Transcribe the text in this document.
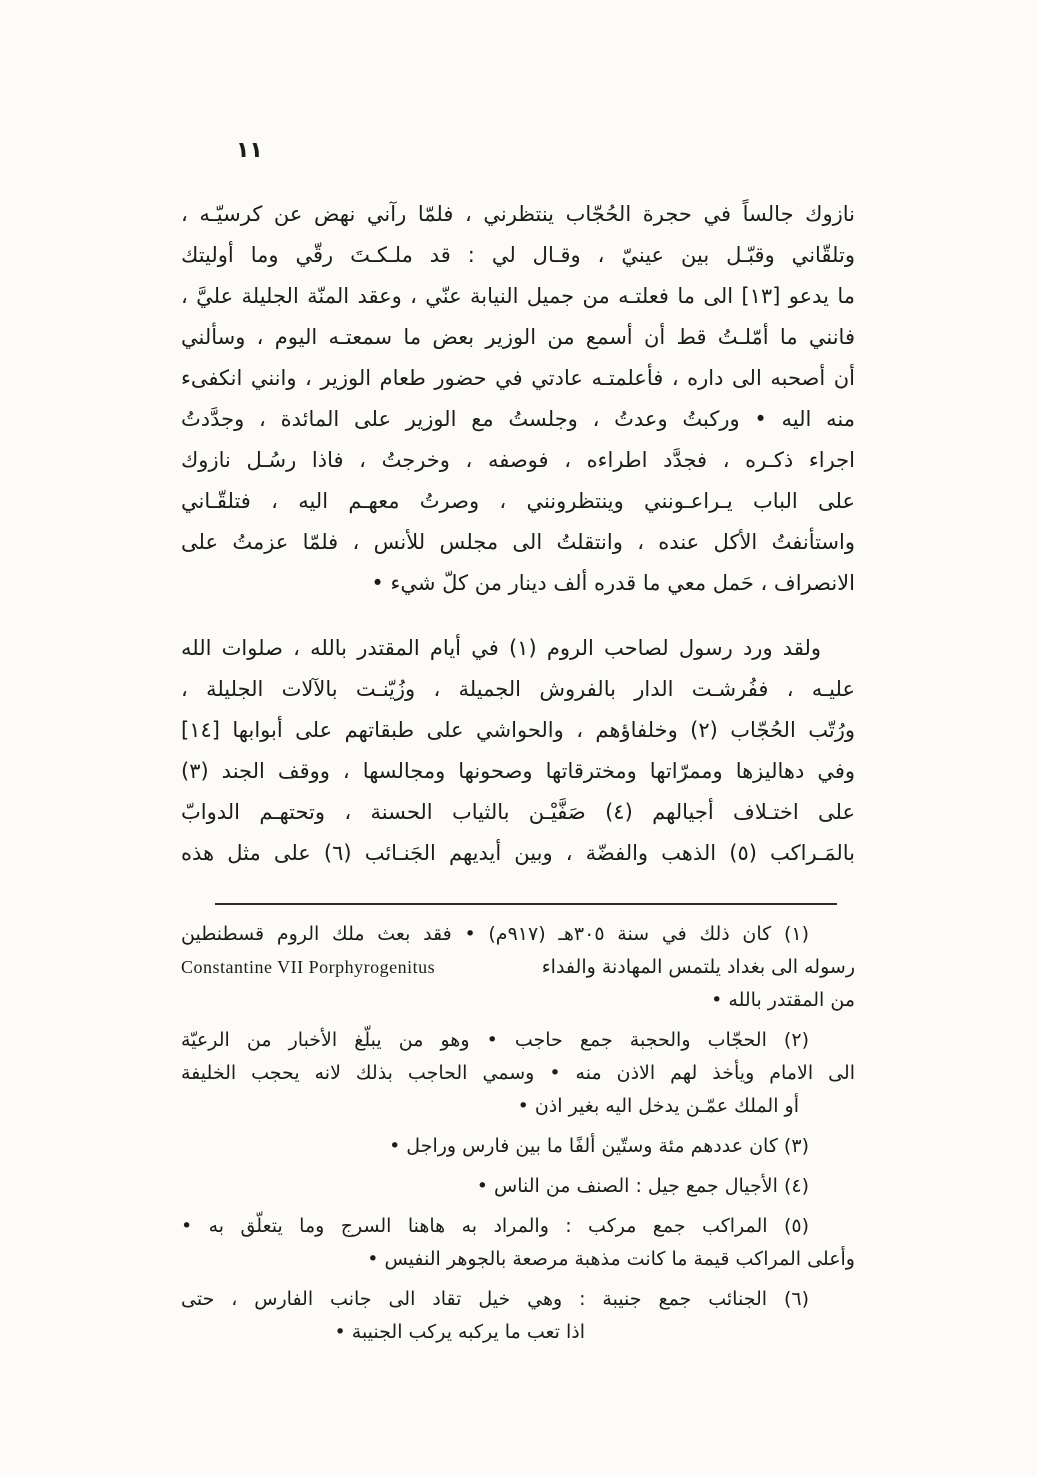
١١
نازوك جالساً في حجرة الحُجّاب ينتظرني ، فلمّا رآني نهض عن كرسيّـه ،
وتلقّاني وقبّـل بين عينيّ ، وقـال لي : قد ملـكـتَ رقّي وما أوليتك
ما يدعو [١٣] الى ما فعلتـه من جميل النيابة عنّي ، وعقد المنّة الجليلة عليَّ ،
فانني ما أمّلـتُ قط أن أسمع من الوزير بعض ما سمعتـه اليوم ، وسألني
أن أصحبه الى داره ، فأعلمتـه عادتي في حضور طعام الوزير ، وانني انكفىء
منه اليه • وركبتُ وعدتُ ، وجلستُ مع الوزير على المائدة ، وجدَّدتُ
اجراء ذكـره ، فجدَّد اطراءه ، فوصفه ، وخرجتُ ، فاذا رسُـل نازوك
على الباب يـراعـونني وينتظرونني ، وصرتُ معهـم اليه ، فتلقّـاني
واستأنفتُ الأكل عنده ، وانتقلتُ الى مجلس للأنس ، فلمّا عزمتُ على
الانصراف ، حَمل معي ما قدره ألف دينار من كلّ شيء •
ولقد ورد رسول لصاحب الروم (١) في أيام المقتدر بالله ، صلوات الله
عليـه ، ففُرشـت الدار بالفروش الجميلة ، وزُيّنـت بالآلات الجليلة ،
ورُتّب الحُجّاب (٢) وخلفاؤهم ، والحواشي على طبقاتهم على أبوابها [١٤]
وفي دهاليزها وممرّاتها ومخترقاتها وصحونها ومجالسها ، ووقف الجند (٣)
على اختـلاف أجيالهم (٤) صَفَّيْـن بالثياب الحسنة ، وتحتهـم الدوابّ
بالمَـراكب (٥) الذهب والفضّة ، وبين أيديهم الجَنـائب (٦) على مثل هذه
(١) كان ذلك في سنة ٣٠٥هـ (٩١٧م) • فقد بعث ملك الروم قسطنطين
رسوله الى بغداد يلتمس المهادنة والفداء
Constantine VII Porphyrogenitus
من المقتدر بالله •
(٢) الحجّاب والحجبة جمع حاجب • وهو من يبلّغ الأخبار من الرعيّة
الى الامام ويأخذ لهم الاذن منه • وسمي الحاجب بذلك لانه يحجب الخليفة
أو الملك عمّـن يدخل اليه بغير اذن •
(٣) كان عددهم مئة وستّين ألفًا ما بين فارس وراجل •
(٤) الأجيال جمع جيل : الصنف من الناس •
(٥) المراكب جمع مركب : والمراد به هاهنا السرج وما يتعلّق به •
وأعلى المراكب قيمة ما كانت مذهبة مرصعة بالجوهر النفيس •
(٦) الجنائب جمع جنيبة : وهي خيل تقاد الى جانب الفارس ، حتى
اذا تعب ما يركبه يركب الجنيبة •
